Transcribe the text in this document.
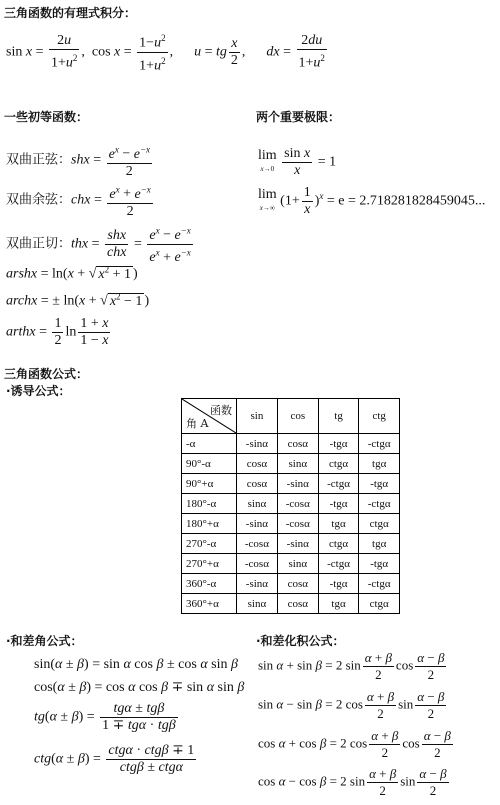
三角函数的有理式积分：
$\sin x = \frac{2u}{1+u^2}$ ,  $\cos x = \frac{1-u^2}{1+u^2}$ ,      u = tg $\frac{x}{2}$ ,      dx = $\frac{2du}{1+u^2}$
一些初等函数：	两个重要极限：
双曲正弦：shx = $\frac{e^x - e^{-x}}{2}$
双曲余弦：chx = $\frac{e^x + e^{-x}}{2}$
双曲正切：thx =
shx
chx
= $\frac{e^x - e^{-x}}{e^x + e^{-x}}$
arshx = ln(x + √ $x^2 + 1$ )
archx = ± ln(x + √ $x^2 - 1$ )
arthx = $\frac{1}{2}$ $\ln \frac{1 + x}{1 - x}$
lim
$x\to 0 \frac{\text{sin x}}{x} = 1$
lim
x→∞ $(1+ \frac{1}{x} )^x = e = 2.718281828459045$...
三角函数公式：
·诱导公式：
函数
角 A	sin	cos	tg	ctg
-α	-sinα	cosα	-tgα	-ctgα
90°-α	cosα	sinα	ctgα	tgα
90°+α	cosα	-sinα	-ctgα	-tgα
180°-α	sinα	-cosα	-tgα	-ctgα
180°+α	-sinα	-cosα	tgα	ctgα
270°-α	-cosα	-sinα	ctgα	tgα
270°+α	-cosα	sinα	-ctgα	-tgα
360°-α	-sinα	cosα	-tgα	-ctgα
360°+α	sinα	cosα	tgα	ctgα
·和差角公式：
sin(α ± β) = sin α cos β ± cos α sin β
cos(α ± β) = cos α cos β ∓ sin α sin β
tg(α ± β) =
tgα ± tgβ
1 ∓ tgα · tgβ
ctg(α ± β) =
ctgα · ctgβ ∓ 1
ctgβ ± ctgα
·和差化积公式：
sin α + sin β = 2 $\sin \frac{\alpha + \beta}{2}$ $\cos \frac{\alpha - \beta}{2}$
sin α − sin β = 2 $\cos \frac{\alpha + \beta}{2}$ $\sin \frac{\alpha - \beta}{2}$
cos α + cos β = 2 $\cos \frac{\alpha + \beta}{2}$ $\cos \frac{\alpha - \beta}{2}$
cos α − cos β = 2 $\sin \frac{\alpha + \beta}{2}$ $\sin \frac{\alpha - \beta}{2}$
